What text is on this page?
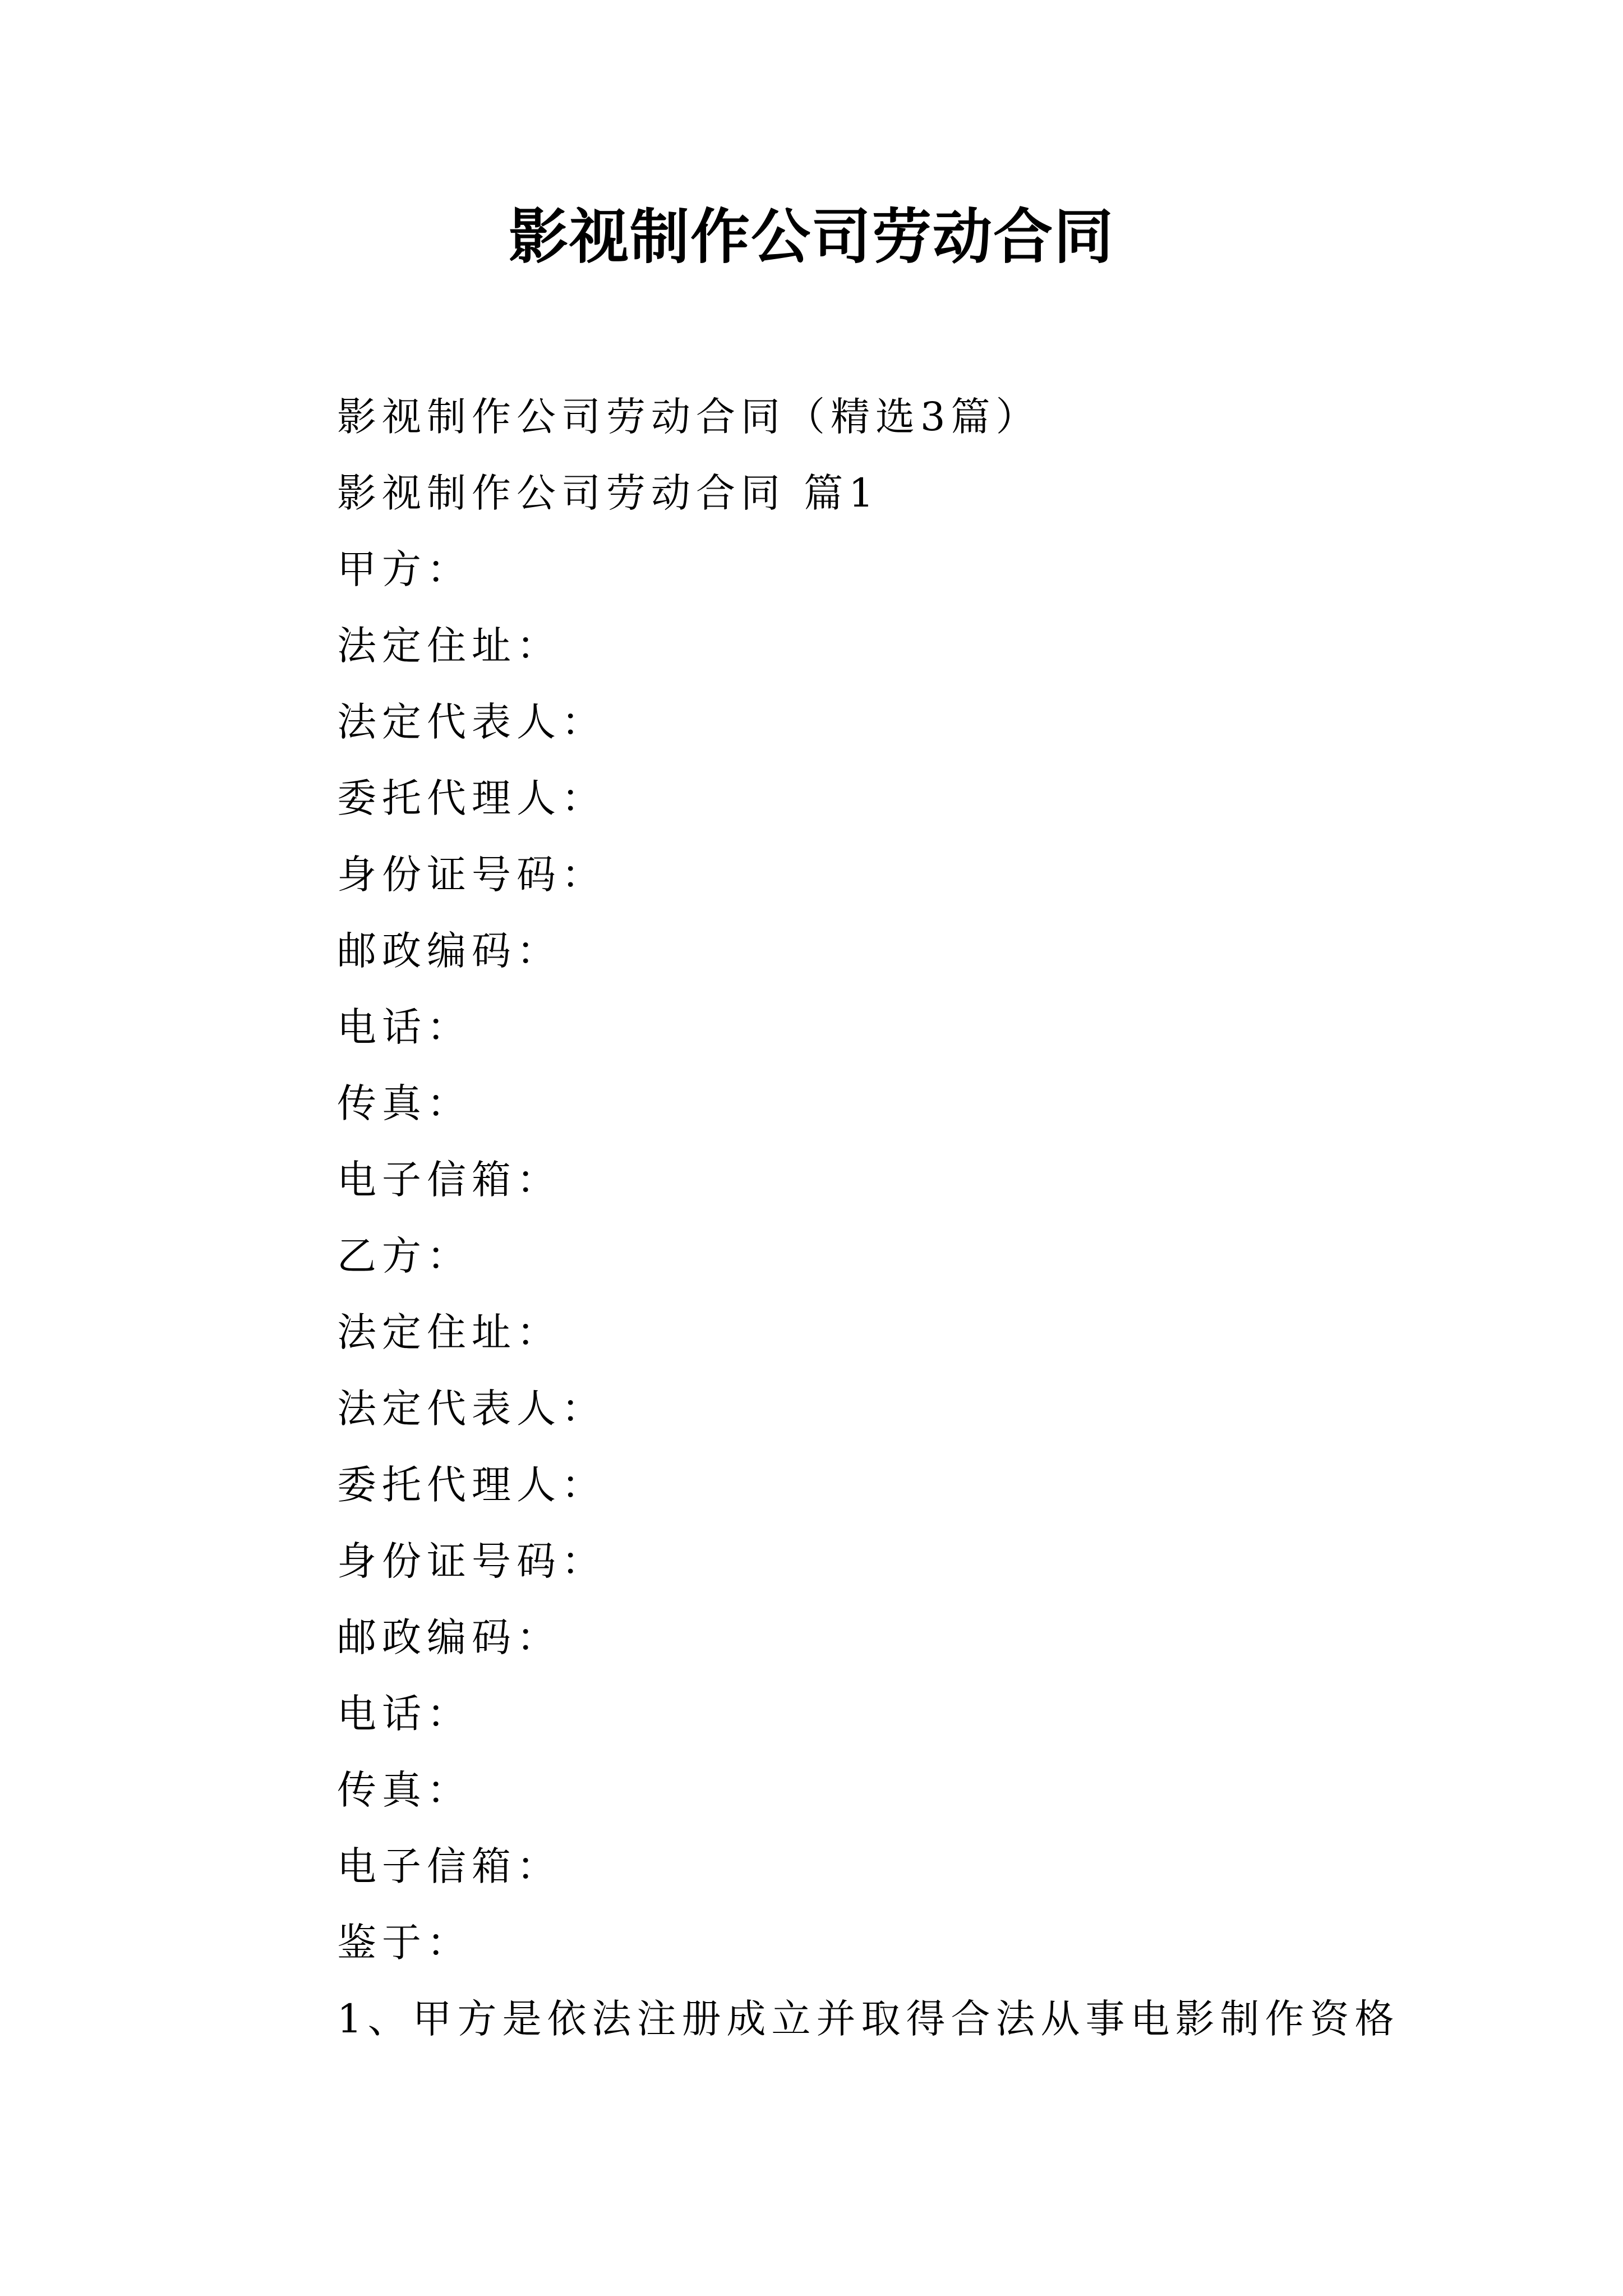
影视制作公司劳动合同
影视制作公司劳动合同（精选3篇）
影视制作公司劳动合同 篇1
甲方：
法定住址：
法定代表人：
委托代理人：
身份证号码：
邮政编码：
电话：
传真：
电子信箱：
乙方：
法定住址：
法定代表人：
委托代理人：
身份证号码：
邮政编码：
电话：
传真：
电子信箱：
鉴于：
1、甲方是依法注册成立并取得合法从事电影制作资格
